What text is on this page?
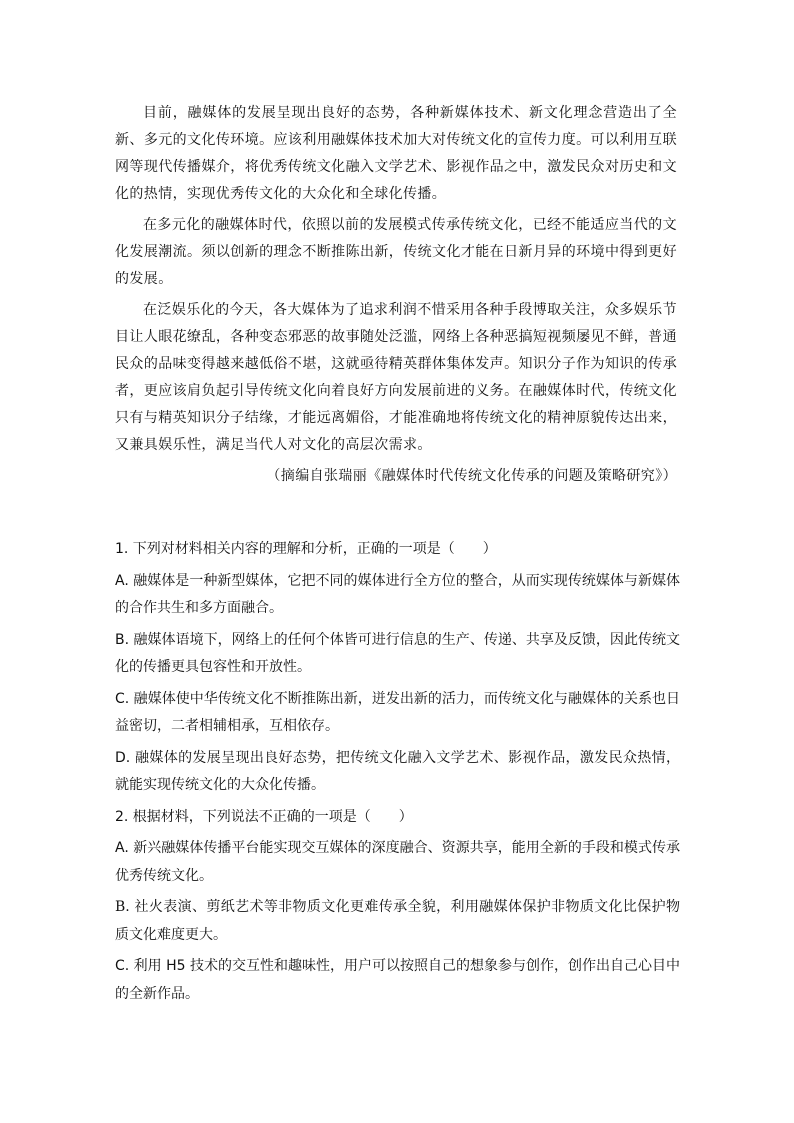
目前，融媒体的发展呈现出良好的态势，各种新媒体技术、新文化理念营造出了全新、多元的文化传环境。应该利用融媒体技术加大对传统文化的宣传力度。可以利用互联网等现代传播媒介，将优秀传统文化融入文学艺术、影视作品之中，激发民众对历史和文化的热情，实现优秀传文化的大众化和全球化传播。

在多元化的融媒体时代，依照以前的发展模式传承传统文化，已经不能适应当代的文化发展潮流。须以创新的理念不断推陈出新，传统文化才能在日新月异的环境中得到更好的发展。

在泛娱乐化的今天，各大媒体为了追求利润不惜采用各种手段博取关注，众多娱乐节目让人眼花缭乱，各种变态邪恶的故事随处泛滥，网络上各种恶搞短视频屡见不鲜，普通民众的品味变得越来越低俗不堪，这就亟待精英群体集体发声。知识分子作为知识的传承者，更应该肩负起引导传统文化向着良好方向发展前进的义务。在融媒体时代，传统文化只有与精英知识分子结缘，才能远离媚俗，才能准确地将传统文化的精神原貌传达出来，又兼具娱乐性，满足当代人对文化的高层次需求。

（摘编自张瑞丽《融媒体时代传统文化传承的问题及策略研究》）

1. 下列对材料相关内容的理解和分析，正确的一项是（　　）

A. 融媒体是一种新型媒体，它把不同的媒体进行全方位的整合，从而实现传统媒体与新媒体的合作共生和多方面融合。

B. 融媒体语境下，网络上的任何个体皆可进行信息的生产、传递、共享及反馈，因此传统文化的传播更具包容性和开放性。

C. 融媒体使中华传统文化不断推陈出新，迸发出新的活力，而传统文化与融媒体的关系也日益密切，二者相辅相承，互相依存。

D. 融媒体的发展呈现出良好态势，把传统文化融入文学艺术、影视作品，激发民众热情，就能实现传统文化的大众化传播。

2. 根据材料，下列说法不正确的一项是（　　）

A. 新兴融媒体传播平台能实现交互媒体的深度融合、资源共享，能用全新的手段和模式传承优秀传统文化。

B. 社火表演、剪纸艺术等非物质文化更难传承全貌，利用融媒体保护非物质文化比保护物质文化难度更大。

C. 利用 H5 技术的交互性和趣味性，用户可以按照自己的想象参与创作，创作出自己心目中的全新作品。
